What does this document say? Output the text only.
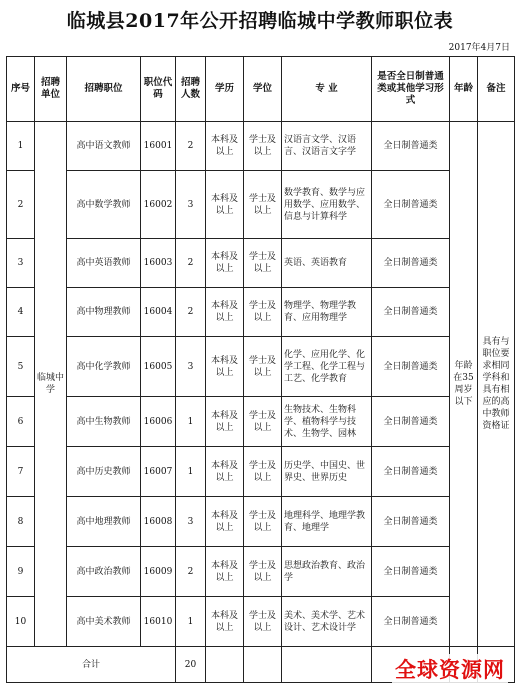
临城县2017年公开招聘临城中学教师职位表
2017年4月7日
序号	招聘单位	招聘职位	职位代码	招聘人数	学历	学位	专 业	是否全日制普通类或其他学习形式	年龄	备注
1	临城中学	高中语文教师	16001	2	本科及以上	学士及以上	汉语言文学、汉语言、汉语言文字学	全日制普通类	年龄在35周岁以下	具有与职位要求相同学科和具有相应的高中教师资格证
2		高中数学教师	16002	3	本科及以上	学士及以上	数学教育、数学与应用数学、应用数学、信息与计算科学	全日制普通类		
3		高中英语教师	16003	2	本科及以上	学士及以上	英语、英语教育	全日制普通类		
4		高中物理教师	16004	2	本科及以上	学士及以上	物理学、物理学教育、应用物理学	全日制普通类		
5		高中化学教师	16005	3	本科及以上	学士及以上	化学、应用化学、化学工程、化学工程与工艺、化学教育	全日制普通类		
6		高中生物教师	16006	1	本科及以上	学士及以上	生物技术、生物科学、植物科学与技术、生物学、园林	全日制普通类		
7		高中历史教师	16007	1	本科及以上	学士及以上	历史学、中国史、世界史、世界历史	全日制普通类		
8		高中地理教师	16008	3	本科及以上	学士及以上	地理科学、地理学教育、地理学	全日制普通类		
9		高中政治教师	16009	2	本科及以上	学士及以上	思想政治教育、政治学	全日制普通类		
10		高中美术教师	16010	1	本科及以上	学士及以上	美术、美术学、艺术设计、艺术设计学	全日制普通类		
合计				20							全球资源网
